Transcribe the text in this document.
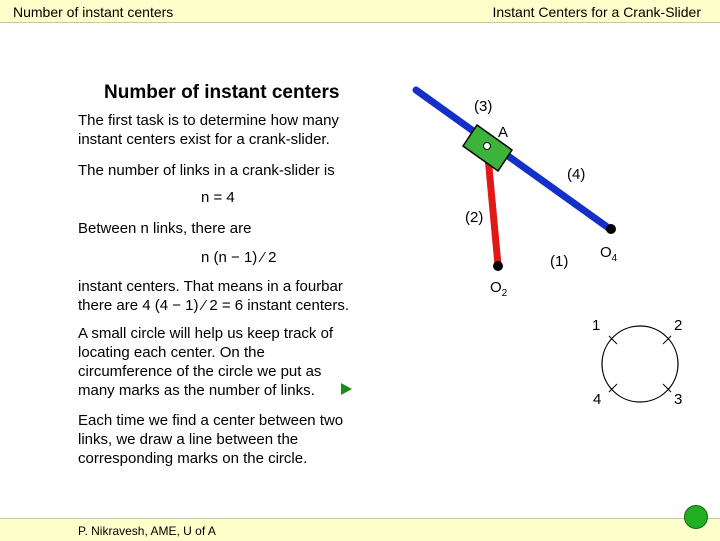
Number of instant centers	Instant Centers for a Crank-Slider
Number of instant centers
The first task is to determine how many
instant centers exist for a crank-slider.
The number of links in a crank-slider is
n = 4
Between n links, there are
n (n − 1) ⁄ 2
instant centers. That means in a fourbar
there are 4 (4 − 1) ⁄ 2 = 6 instant centers.
A small circle will help us keep track of
locating each center. On the
circumference of the circle we put as
many marks as the number of links.
Each time we find a center between two
links, we draw a line between the
corresponding marks on the circle.
(3)
A
(4)
(2)
(1)
$O_4$
$O_2$
1	2
3
4
P. Nikravesh, AME, U of A
